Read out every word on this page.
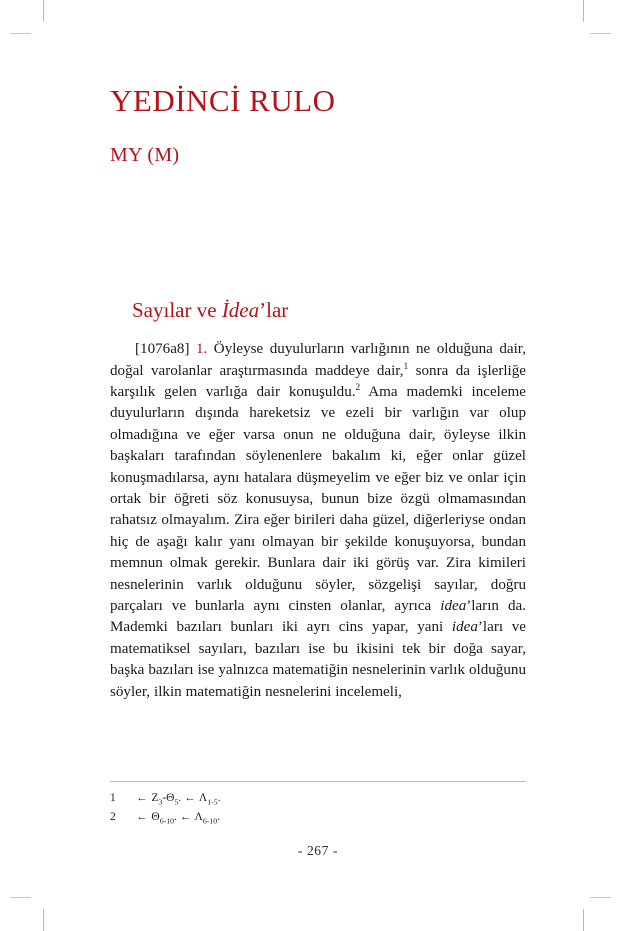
YEDİNCİ RULO
MY (M)
Sayılar ve İdea’lar

[1076a8] 1. Öyleyse duyulurların varlığının ne olduğuna dair, doğal varolanlar araştırmasında maddeye dair,$^1$ sonra da işlerliğe karşılık gelen varlığa dair konuşuldu.$^2$ Ama mademki inceleme duyulurların dışında hareketsiz ve ezeli bir varlığın var olup olmadığına ve eğer varsa onun ne olduğuna dair, öyleyse ilkin başkaları tarafından söylenenlere bakalım ki, eğer onlar güzel konuşmadılarsa, aynı hatalara düşmeyelim ve eğer biz ve onlar için ortak bir öğreti söz konusuysa, bunun bize özgü olmamasından rahatsız olmayalım. Zira eğer birileri daha güzel, diğerleriyse ondan hiç de aşağı kalır yanı olmayan bir şekilde konuşuyorsa, bundan memnun olmak gerekir. Bunlara dair iki görüş var. Zira kimileri nesnelerinin varlık olduğunu söyler, sözgelişi sayılar, doğru parçaları ve bunlarla aynı cinsten olanlar, ayrıca idea’ların da. Mademki bazıları bunları iki ayrı cins yapar, yani idea’ları ve matematiksel sayıları, bazıları ise bu ikisini tek bir doğa sayar, başka bazıları ise yalnızca matematiğin nesnelerinin varlık olduğunu söyler, ilkin matematiğin nesnelerini incelemeli,

1	← $Z_3-\Theta_5$. ← $\Lambda_{1-5}$.
2	← $\Theta_{6-10}$. ← $\Lambda_{6-10}$.
- 267 -
